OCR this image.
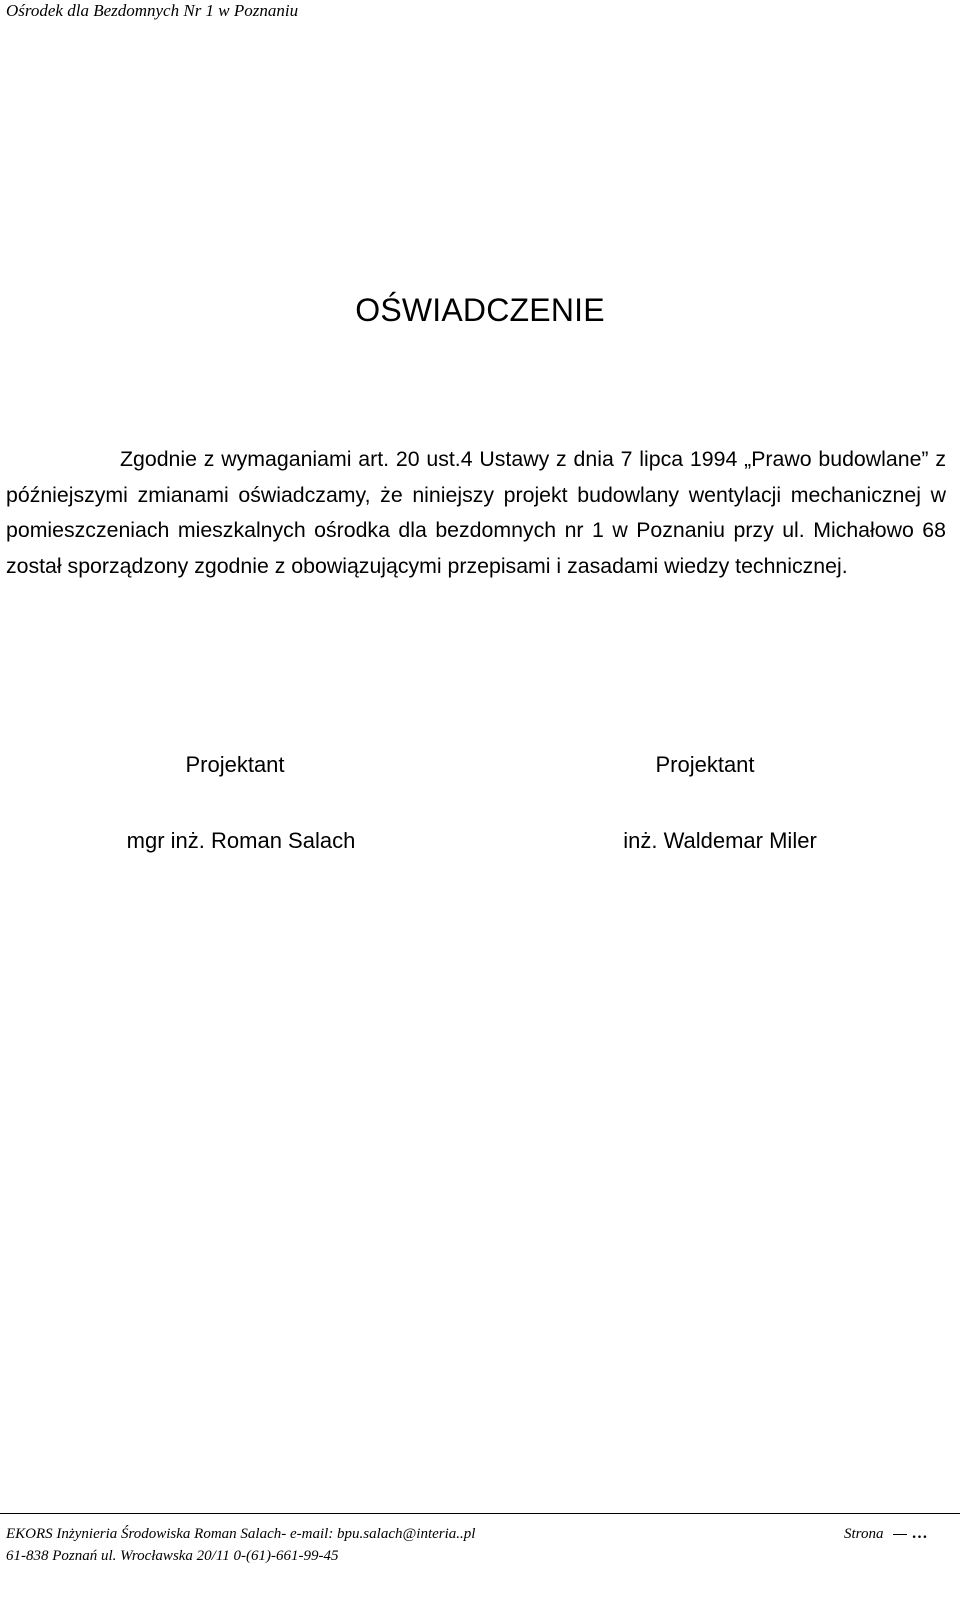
Ośrodek dla Bezdomnych Nr 1 w Poznaniu
OŚWIADCZENIE
Zgodnie z wymaganiami art. 20 ust.4 Ustawy z dnia 7 lipca 1994 „Prawo budowlane” z późniejszymi zmianami oświadczamy, że niniejszy projekt budowlany wentylacji mechanicznej w pomieszczeniach mieszkalnych ośrodka dla bezdomnych nr 1 w Poznaniu przy ul. Michałowo 68 został sporządzony zgodnie z obowiązującymi przepisami i zasadami wiedzy technicznej.
Projektant	Projektant
mgr inż. Roman Salach	inż. Waldemar Miler
EKORS Inżynieria Środowiska Roman Salach- e-mail: bpu.salach@interia..pl
61-838 Poznań ul. Wrocławska 20/11 0-(61)-661-99-45
Strona …
